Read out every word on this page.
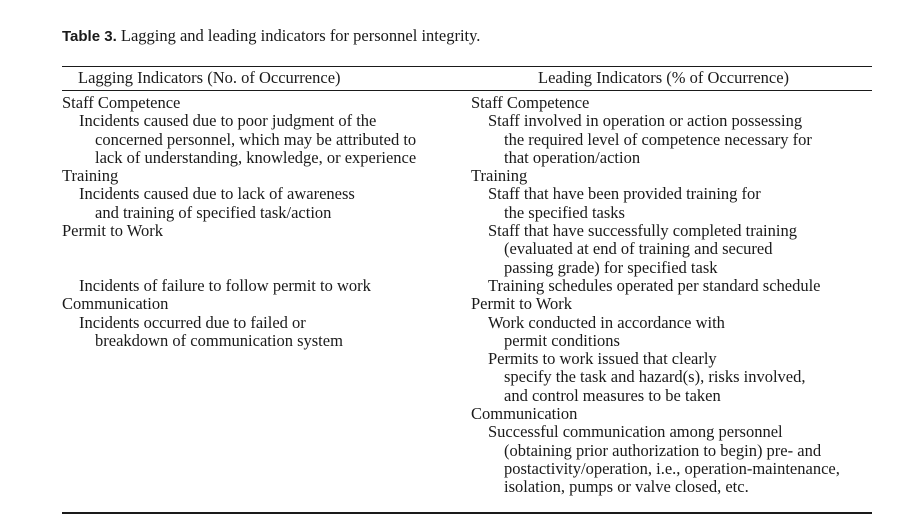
Table 3. Lagging and leading indicators for personnel integrity.

Lagging Indicators (No. of Occurrence)	Leading Indicators (% of Occurrence)
Staff Competence
Incidents caused due to poor judgment of the
concerned personnel, which may be attributed to
lack of understanding, knowledge, or experience
Training
Incidents caused due to lack of awareness
and training of specified task/action
Permit to Work
Incidents of failure to follow permit to work
Communication
Incidents occurred due to failed or
breakdown of communication system
Staff Competence
Staff involved in operation or action possessing
the required level of competence necessary for
that operation/action
Training
Staff that have been provided training for
the specified tasks
Staff that have successfully completed training
(evaluated at end of training and secured
passing grade) for specified task
Training schedules operated per standard schedule
Permit to Work
Work conducted in accordance with
permit conditions
Permits to work issued that clearly
specify the task and hazard(s), risks involved,
and control measures to be taken
Communication
Successful communication among personnel
(obtaining prior authorization to begin) pre- and
postactivity/operation, i.e., operation-maintenance,
isolation, pumps or valve closed, etc.
